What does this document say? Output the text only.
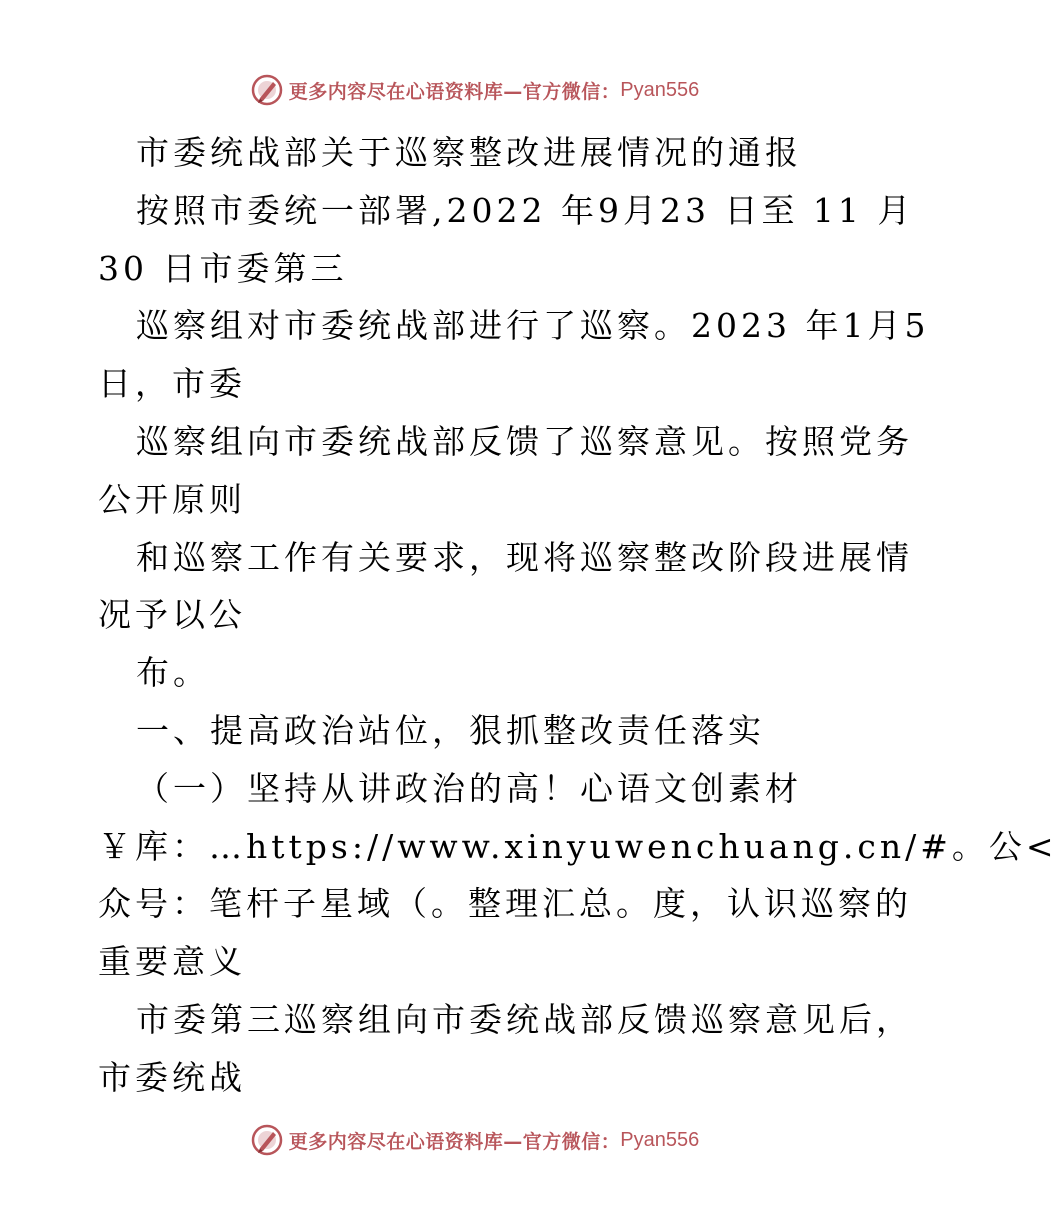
更多内容尽在心语资料库—官方微信： Pyan556
市委统战部关于巡察整改进展情况的通报
按照市委统一部署,2022 年9月23 日至 11 月
30 日市委第三
巡察组对市委统战部进行了巡察。2023 年1月5
日，市委
巡察组向市委统战部反馈了巡察意见。按照党务
公开原则
和巡察工作有关要求，现将巡察整改阶段进展情
况予以公
布。
一、提高政治站位，狠抓整改责任落实
（一）坚持从讲政治的高！心语文创素材
￥库：…https://www.xinyuwenchuang.cn/#。公<
众号：笔杆子星域（。整理汇总。度，认识巡察的
重要意义
市委第三巡察组向市委统战部反馈巡察意见后，
市委统战
更多内容尽在心语资料库—官方微信： Pyan556
